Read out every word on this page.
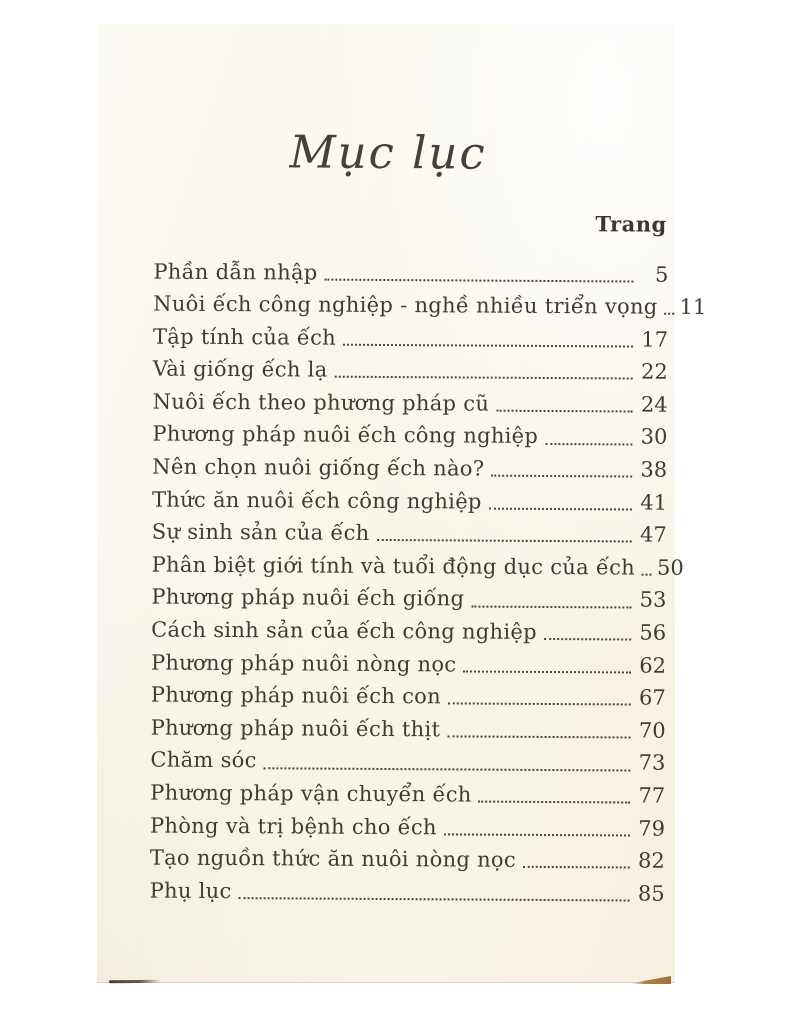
Mục lục
Trang
Phần dẫn nhập	5
Nuôi ếch công nghiệp - nghề nhiều triển vọng 11
Tập tính của ếch	17
Vài giống ếch lạ	22
Nuôi ếch theo phương pháp cũ	24
Phương pháp nuôi ếch công nghiệp	30
Nên chọn nuôi giống ếch nào?	38
Thức ăn nuôi ếch công nghiệp	41
Sự sinh sản của ếch	47
Phân biệt giới tính và tuổi động dục của ếch 50
Phương pháp nuôi ếch giống	53
Cách sinh sản của ếch công nghiệp	56
Phương pháp nuôi nòng nọc	62
Phương pháp nuôi ếch con	67
Phương pháp nuôi ếch thịt	70
Chăm sóc	73
Phương pháp vận chuyển ếch	77
Phòng và trị bệnh cho ếch	79
Tạo nguồn thức ăn nuôi nòng nọc	82
Phụ lục	85
